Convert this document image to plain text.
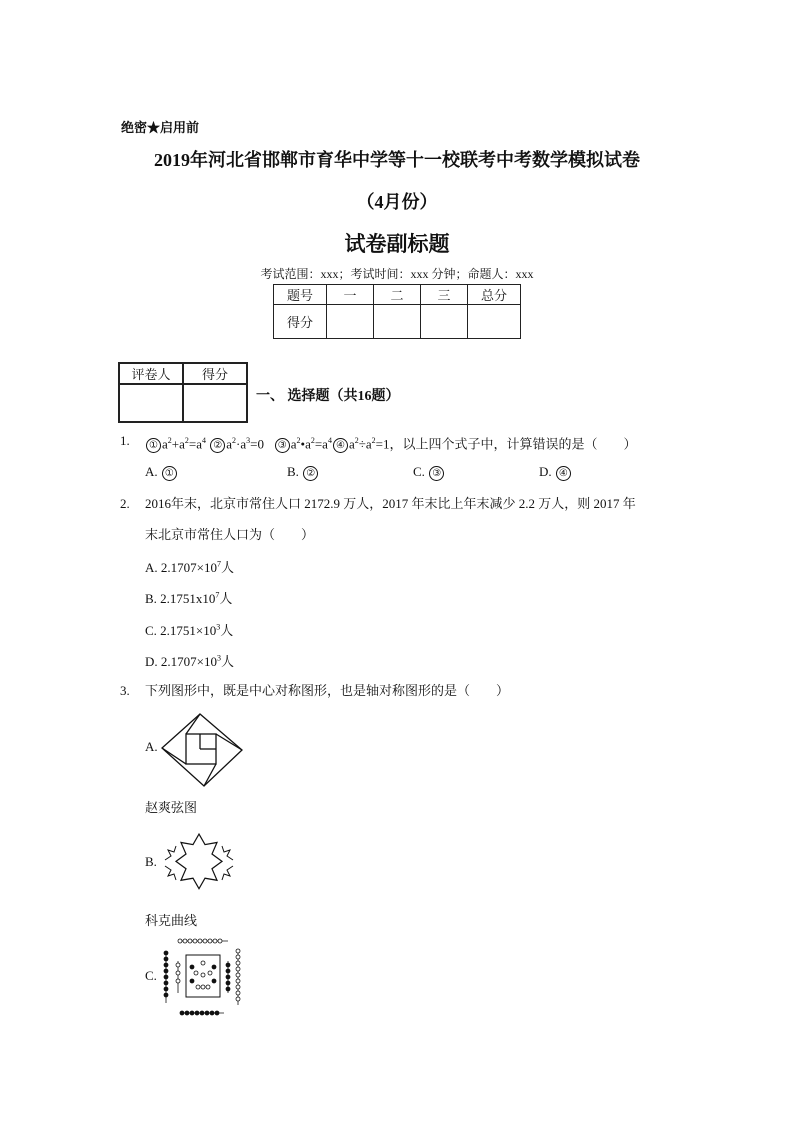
绝密★启用前
2019年河北省邯郸市育华中学等十一校联考中考数学模拟试卷
（4月份）
试卷副标题
考试范围：xxx；考试时间：xxx 分钟；命题人：xxx
题号	一	二	三	总分
得分				
评卷人	得分

一、 选择题（共16题）
1.	① $a^2+a^2=a^4$ ② $a^2\cdot a^3=0$ ③ $a^2•a^2=a^4$ ④ $a^2\div a^2=1$，以上四个式子中，计算错误的是（　　）
A. ①	B. ②	C. ③	D. ④
2. 2016年末，北京市常住人口 2172.9 万人，2017 年末比上年末减少 2.2 万人，则 2017 年
末北京市常住人口为（　　）
A. $2.1707\times 10^7$人
B. $2.1751x10^7$人
C. $2.1751\times 10^3$人
D. $2.1707\times 10^3$人
3. 下列图形中，既是中心对称图形，也是轴对称图形的是（　　）
A.
赵爽弦图
B.
科克曲线
C.
